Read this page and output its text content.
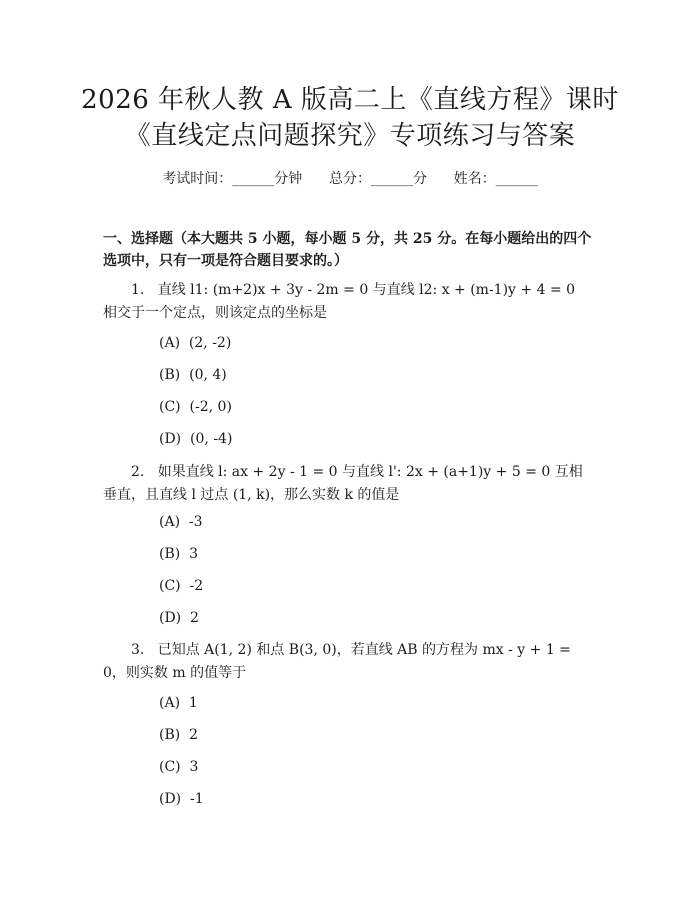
2026 年秋人教 A 版高二上《直线方程》课时
《直线定点问题探究》专项练习与答案
考试时间：______分钟      总分：______分      姓名：______
一、选择题（本大题共 5 小题，每小题 5 分，共 25 分。在每小题给出的四个选项中，只有一项是符合题目要求的。）
1.   直线 l1: (m+2)x + 3y - 2m = 0 与直线 l2: x + (m-1)y + 4 = 0 相交于一个定点，则该定点的坐标是
(A)  (2, -2)
(B)  (0, 4)
(C)  (-2, 0)
(D)  (0, -4)
2.   如果直线 l: ax + 2y - 1 = 0 与直线 l': 2x + (a+1)y + 5 = 0 互相垂直，且直线 l 过点 (1, k)，那么实数 k 的值是
(A)  -3
(B)  3
(C)  -2
(D)  2
3.   已知点 A(1, 2) 和点 B(3, 0)，若直线 AB 的方程为 mx - y + 1 = 0，则实数 m 的值等于
(A)  1
(B)  2
(C)  3
(D)  -1
